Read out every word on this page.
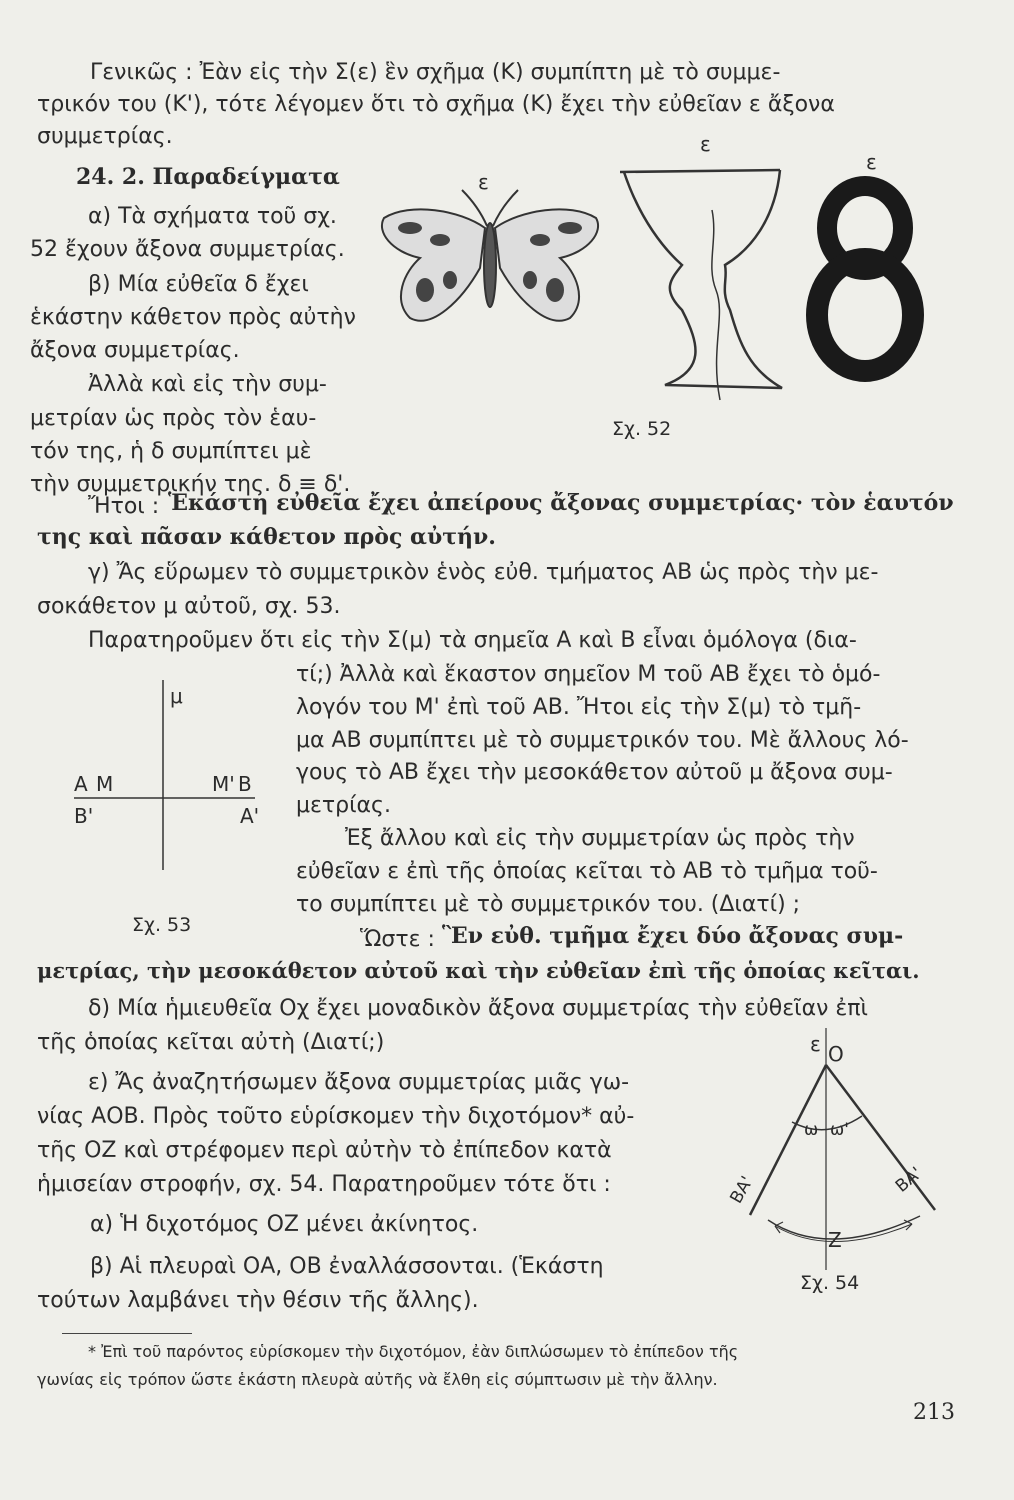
Γενικῶς : Ἐὰν εἰς τὴν Σ(ε) ἓν σχῆμα (Κ) συμπίπτη μὲ τὸ συμμε-
τρικόν του (Κ'), τότε λέγομεν ὅτι τὸ σχῆμα (Κ) ἔχει τὴν εὐθεῖαν ε ἄξονα
συμμετρίας.
24. 2. Παραδείγματα
α) Τὰ σχήματα τοῦ σχ.
52 ἔχουν ἄξονα συμμετρίας.
β) Μία εὐθεῖα δ ἔχει
ἑκάστην κάθετον πρὸς αὐτὴν
ἄξονα συμμετρίας.
Ἀλλὰ καὶ εἰς τὴν συμ-
μετρίαν ὡς πρὸς τὸν ἑαυ-
τόν της, ἡ δ συμπίπτει μὲ
τὴν συμμετρικήν της. δ ≡ δ'.
Ἤτοι : Ἑκάστη εὐθεῖα ἔχει ἀπείρους ἄξονας συμμετρίας· τὸν ἑαυτόν
της καὶ πᾶσαν κάθετον πρὸς αὐτήν.
γ) Ἄς εὕρωμεν τὸ συμμετρικὸν ἑνὸς εὐθ. τμήματος ΑΒ ὡς πρὸς τὴν με-
σοκάθετον μ αὐτοῦ, σχ. 53.
Παρατηροῦμεν ὅτι εἰς τὴν Σ(μ) τὰ σημεῖα Α καὶ Β εἶναι ὁμόλογα (δια-
τί;) Ἀλλὰ καὶ ἕκαστον σημεῖον Μ τοῦ ΑΒ ἔχει τὸ ὁμό-
λογόν του Μ' ἐπὶ τοῦ ΑΒ. Ἤτοι εἰς τὴν Σ(μ) τὸ τμῆ-
μα ΑΒ συμπίπτει μὲ τὸ συμμετρικόν του. Μὲ ἄλλους λό-
γους τὸ ΑΒ ἔχει τὴν μεσοκάθετον αὐτοῦ μ ἄξονα συμ-
μετρίας.
Ἐξ ἄλλου καὶ εἰς τὴν συμμετρίαν ὡς πρὸς τὴν
εὐθεῖαν ε ἐπὶ τῆς ὁποίας κεῖται τὸ ΑΒ τὸ τμῆμα τοῦ-
το συμπίπτει μὲ τὸ συμμετρικόν του. (Διατί) ;
Ὥστε : Ἓν εὐθ. τμῆμα ἔχει δύο ἄξονας συμ-
μετρίας, τὴν μεσοκάθετον αὐτοῦ καὶ τὴν εὐθεῖαν ἐπὶ τῆς ὁποίας κεῖται.
δ) Μία ἡμιευθεῖα Οχ ἔχει μοναδικὸν ἄξονα συμμετρίας τὴν εὐθεῖαν ἐπὶ
τῆς ὁποίας κεῖται αὐτὴ (Διατί;)
ε) Ἄς ἀναζητήσωμεν ἄξονα συμμετρίας μιᾶς γω-
νίας ΑΟΒ. Πρὸς τοῦτο εὑρίσκομεν τὴν διχοτόμον* αὐ-
τῆς ΟΖ καὶ στρέφομεν περὶ αὐτὴν τὸ ἐπίπεδον κατὰ
ἡμισείαν στροφήν, σχ. 54. Παρατηροῦμεν τότε ὅτι :
α) Ἡ διχοτόμος ΟΖ μένει ἀκίνητος.
β) Αἱ πλευραὶ ΟΑ, ΟΒ ἐναλλάσσονται. (Ἑκάστη
τούτων λαμβάνει τὴν θέσιν τῆς ἄλλης).
* Ἐπὶ τοῦ παρόντος εὑρίσκομεν τὴν διχοτόμον, ἐὰν διπλώσωμεν τὸ ἐπίπεδον τῆς
γωνίας εἰς τρόπον ὥστε ἑκάστη πλευρὰ αὐτῆς νὰ ἔλθη εἰς σύμπτωσιν μὲ τὴν ἄλλην.
213
ε
ε
ε
Σχ. 52
μ
Α Μ	Μ' Β
Β'	Α'
Σχ. 53
ε Ο
ω ω'
ΒΑ'	ΒΑ'
Ζ
Σχ. 54
